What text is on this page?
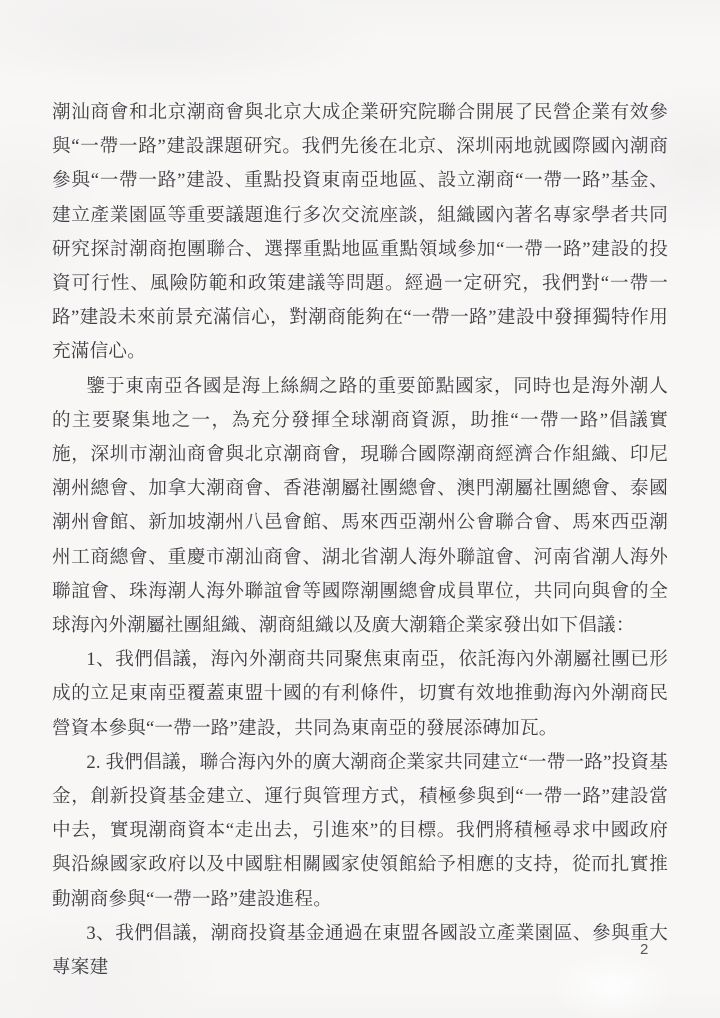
潮汕商會和北京潮商會與北京大成企業研究院聯合開展了民營企業有效參與“一帶一路”建設課題研究。我們先後在北京、深圳兩地就國際國內潮商參與“一帶一路”建設、重點投資東南亞地區、設立潮商“一帶一路”基金、建立產業園區等重要議題進行多次交流座談，組織國內著名專家學者共同研究探討潮商抱團聯合、選擇重點地區重點領域參加“一帶一路”建設的投資可行性、風險防範和政策建議等問題。經過一定研究，我們對“一帶一路”建設未來前景充滿信心，對潮商能夠在“一帶一路”建設中發揮獨特作用充滿信心。

鑒于東南亞各國是海上絲綢之路的重要節點國家，同時也是海外潮人的主要聚集地之一，為充分發揮全球潮商資源，助推“一帶一路”倡議實施，深圳市潮汕商會與北京潮商會，現聯合國際潮商經濟合作組織、印尼潮州總會、加拿大潮商會、香港潮屬社團總會、澳門潮屬社團總會、泰國潮州會館、新加坡潮州八邑會館、馬來西亞潮州公會聯合會、馬來西亞潮州工商總會、重慶市潮汕商會、湖北省潮人海外聯誼會、河南省潮人海外聯誼會、珠海潮人海外聯誼會等國際潮團總會成員單位，共同向與會的全球海內外潮屬社團組織、潮商組織以及廣大潮籍企業家發出如下倡議：

1、我們倡議，海內外潮商共同聚焦東南亞，依託海內外潮屬社團已形成的立足東南亞覆蓋東盟十國的有利條件，切實有效地推動海內外潮商民營資本參與“一帶一路”建設，共同為東南亞的發展添磚加瓦。

2. 我們倡議，聯合海內外的廣大潮商企業家共同建立“一帶一路”投資基金，創新投資基金建立、運行與管理方式，積極參與到“一帶一路”建設當中去，實現潮商資本“走出去，引進來”的目標。我們將積極尋求中國政府與沿線國家政府以及中國駐相關國家使領館給予相應的支持，從而扎實推動潮商參與“一帶一路”建設進程。

3、我們倡議，潮商投資基金通過在東盟各國設立產業園區、參與重大專案建

2
